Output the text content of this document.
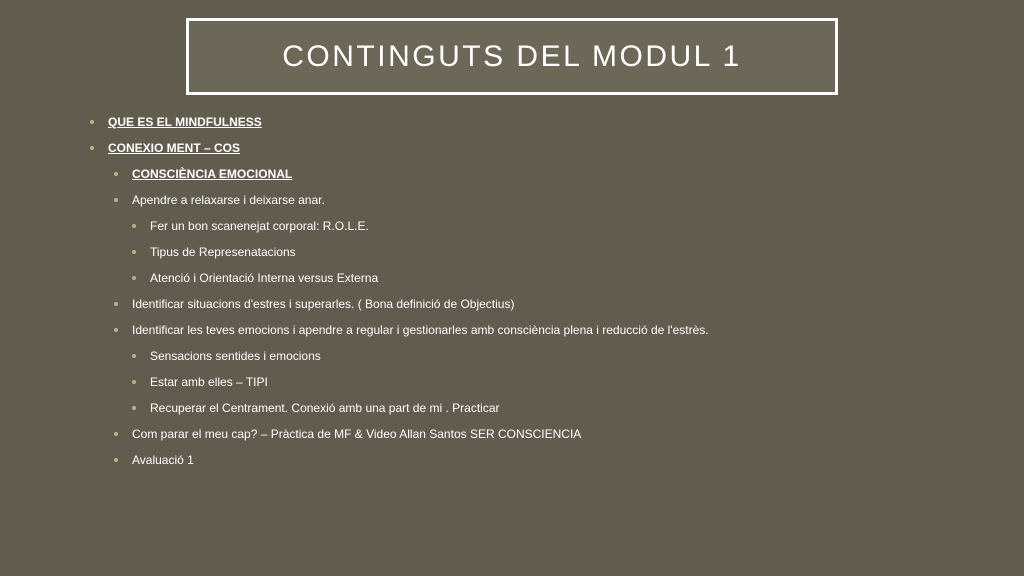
CONTINGUTS DEL MODUL 1
QUE ES EL MINDFULNESS
CONEXIO MENT – COS
CONSCIÈNCIA EMOCIONAL
Apendre a relaxarse i deixarse anar.
Fer un bon scanenejat corporal: R.O.L.E.
Tipus de Represenatacions
Atenció i Orientació Interna versus Externa
Identificar situacions d'estres i superarles. ( Bona definició de Objectius)
Identificar les teves emocions i apendre a regular i gestionarles amb consciència plena i reducció de l'estrès.
Sensacions sentides i emocions
Estar amb elles – TIPI
Recuperar el Centrament. Conexió amb una part de mi . Practicar
Com parar el meu cap? – Pràctica de MF & Video Allan Santos SER CONSCIENCIA
Avaluació 1
